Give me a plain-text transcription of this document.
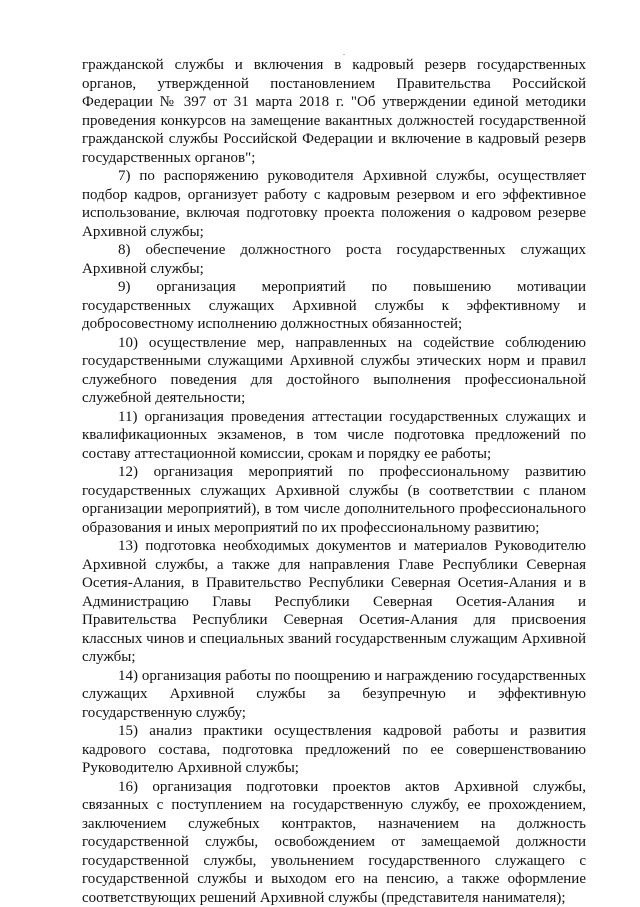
гражданской службы и включения в кадровый резерв государственных органов, утвержденной постановлением Правительства Российской Федерации № 397 от 31 марта 2018 г. "Об утверждении единой методики проведения конкурсов на замещение вакантных должностей государственной гражданской службы Российской Федерации и включение в кадровый резерв государственных органов";

7) по распоряжению руководителя Архивной службы, осуществляет подбор кадров, организует работу с кадровым резервом и его эффективное использование, включая подготовку проекта положения о кадровом резерве Архивной службы;

8) обеспечение должностного роста государственных служащих Архивной службы;

9) организация мероприятий по повышению мотивации государственных служащих Архивной службы к эффективному и добросовестному исполнению должностных обязанностей;

10) осуществление мер, направленных на содействие соблюдению государственными служащими Архивной службы этических норм и правил служебного поведения для достойного выполнения профессиональной служебной деятельности;

11) организация проведения аттестации государственных служащих и квалификационных экзаменов, в том числе подготовка предложений по составу аттестационной комиссии, срокам и порядку ее работы;

12) организация мероприятий по профессиональному развитию государственных служащих Архивной службы (в соответствии с планом организации мероприятий), в том числе дополнительного профессионального образования и иных мероприятий по их профессиональному развитию;

13) подготовка необходимых документов и материалов Руководителю Архивной службы, а также для направления Главе Республики Северная Осетия-Алания, в Правительство Республики Северная Осетия-Алания и в Администрацию Главы Республики Северная Осетия-Алания и Правительства Республики Северная Осетия-Алания для присвоения классных чинов и специальных званий государственным служащим Архивной службы;

14) организация работы по поощрению и награждению государственных служащих Архивной службы за безупречную и эффективную государственную службу;

15) анализ практики осуществления кадровой работы и развития кадрового состава, подготовка предложений по ее совершенствованию Руководителю Архивной службы;

16) организация подготовки проектов актов Архивной службы, связанных с поступлением на государственную службу, ее прохождением, заключением служебных контрактов, назначением на должность государственной службы, освобождением от замещаемой должности государственной службы, увольнением государственного служащего с государственной службы и выходом его на пенсию, а также оформление соответствующих решений Архивной службы (представителя нанимателя);
